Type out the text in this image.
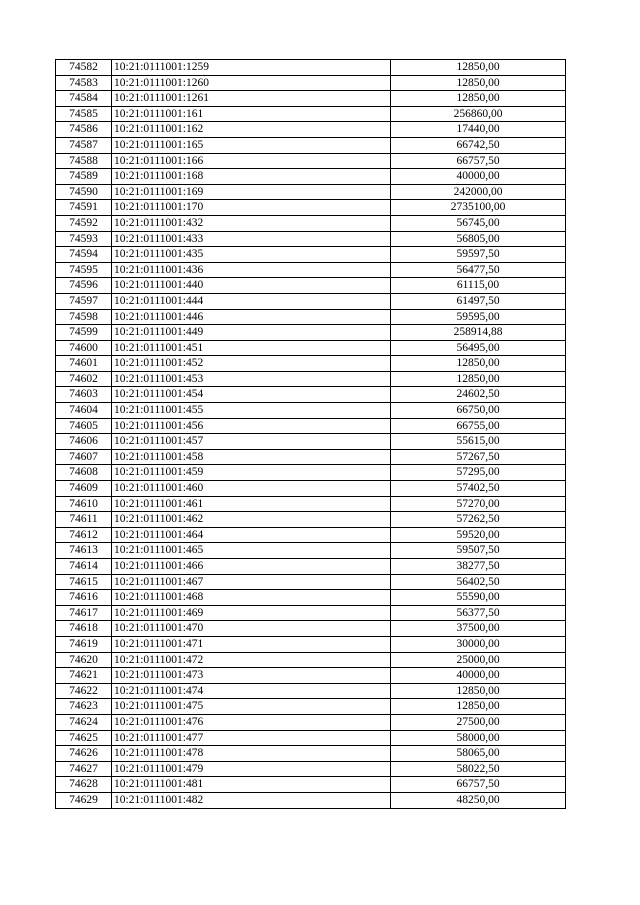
74582	10:21:0111001:1259	12850,00
74583	10:21:0111001:1260	12850,00
74584	10:21:0111001:1261	12850,00
74585	10:21:0111001:161	256860,00
74586	10:21:0111001:162	17440,00
74587	10:21:0111001:165	66742,50
74588	10:21:0111001:166	66757,50
74589	10:21:0111001:168	40000,00
74590	10:21:0111001:169	242000,00
74591	10:21:0111001:170	2735100,00
74592	10:21:0111001:432	56745,00
74593	10:21:0111001:433	56805,00
74594	10:21:0111001:435	59597,50
74595	10:21:0111001:436	56477,50
74596	10:21:0111001:440	61115,00
74597	10:21:0111001:444	61497,50
74598	10:21:0111001:446	59595,00
74599	10:21:0111001:449	258914,88
74600	10:21:0111001:451	56495,00
74601	10:21:0111001:452	12850,00
74602	10:21:0111001:453	12850,00
74603	10:21:0111001:454	24602,50
74604	10:21:0111001:455	66750,00
74605	10:21:0111001:456	66755,00
74606	10:21:0111001:457	55615,00
74607	10:21:0111001:458	57267,50
74608	10:21:0111001:459	57295,00
74609	10:21:0111001:460	57402,50
74610	10:21:0111001:461	57270,00
74611	10:21:0111001:462	57262,50
74612	10:21:0111001:464	59520,00
74613	10:21:0111001:465	59507,50
74614	10:21:0111001:466	38277,50
74615	10:21:0111001:467	56402,50
74616	10:21:0111001:468	55590,00
74617	10:21:0111001:469	56377,50
74618	10:21:0111001:470	37500,00
74619	10:21:0111001:471	30000,00
74620	10:21:0111001:472	25000,00
74621	10:21:0111001:473	40000,00
74622	10:21:0111001:474	12850,00
74623	10:21:0111001:475	12850,00
74624	10:21:0111001:476	27500,00
74625	10:21:0111001:477	58000,00
74626	10:21:0111001:478	58065,00
74627	10:21:0111001:479	58022,50
74628	10:21:0111001:481	66757,50
74629	10:21:0111001:482	48250,00
